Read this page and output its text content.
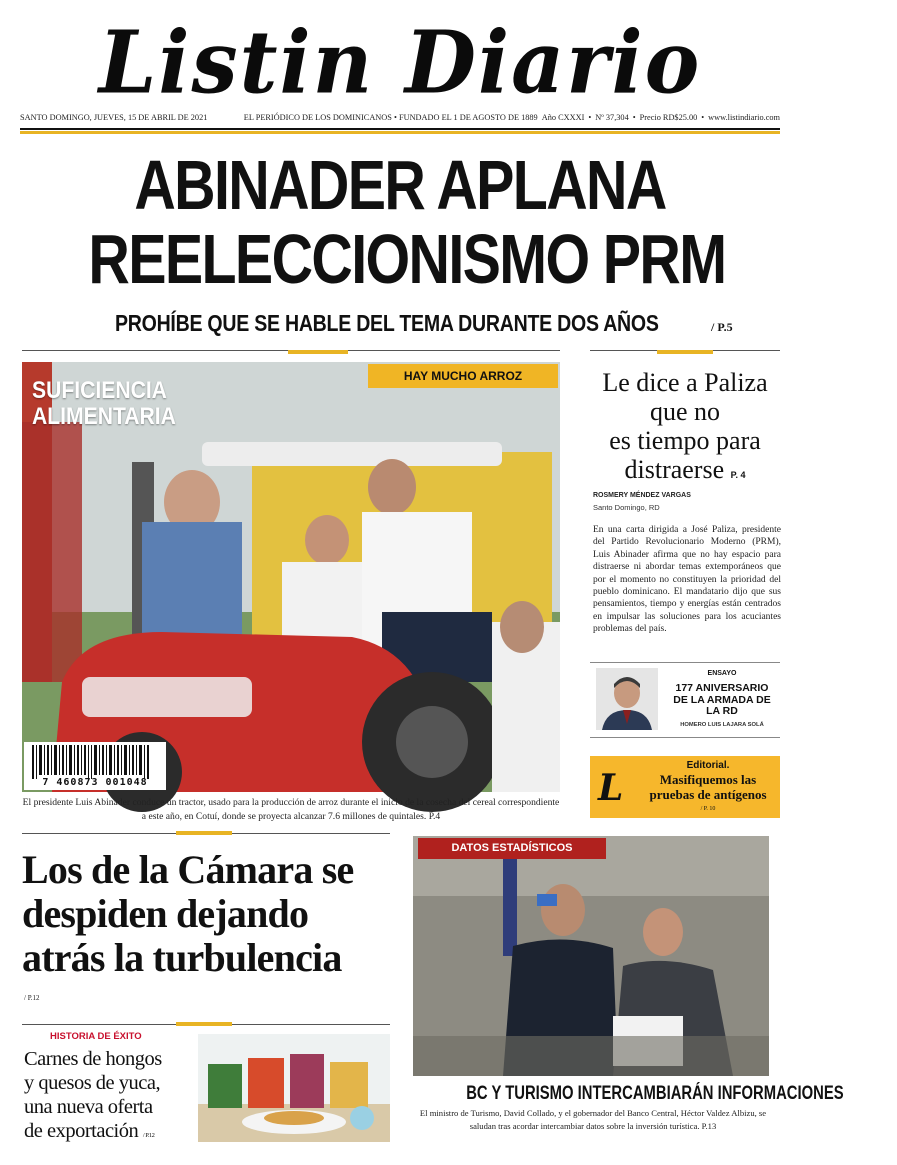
Listin Diario
SANTO DOMINGO, JUEVES, 15 DE ABRIL DE 2021	EL PERIÓDICO DE LOS DOMINICANOS • FUNDADO EL 1 DE AGOSTO DE 1889 Año CXXXI • Nº 37,304 • Precio RD$25.00 • www.listindiario.com
ABINADER APLANA
REELECCIONISMO PRM
PROHÍBE QUE SE HABLE DEL TEMA DURANTE DOS AÑOS	/ P.5
SUFICIENCIA
ALIMENTARIA
HAY MUCHO ARROZ
7 460873 001048
El presidente Luis Abinader conduce un tractor, usado para la producción de arroz durante el inicio de la cosecha del cereal correspondiente a este año, en Cotuí, donde se proyecta alcanzar 7.6 millones de quintales. P.4
Le dice a Paliza
que no
es tiempo para
distraerse P. 4
ROSMERY MÉNDEZ VARGAS
Santo Domingo, RD
En una carta dirigida a José Paliza, presidente del Partido Revolucionario Moderno (PRM), Luis Abinader afirma que no hay espacio para distraerse ni abordar temas extemporáneos que por el momento no constituyen la prioridad del pueblo dominicano. El mandatario dijo que sus pensamientos, tiempo y energías están centrados en impulsar las soluciones para los acuciantes problemas del país.
ENSAYO
177 ANIVERSARIO
DE LA ARMADA DE
LA RD
HOMERO LUIS LAJARA SOLÁ
L
Editorial.
Masifiquemos las
pruebas de antígenos
/ P. 10
Los de la Cámara se
despiden dejando
atrás la turbulencia
/ P.12
HISTORIA DE ÉXITO
Carnes de hongos
y quesos de yuca,
una nueva oferta
de exportación / P.12
DATOS ESTADÍSTICOS
BC Y TURISMO INTERCAMBIARÁN INFORMACIONES
El ministro de Turismo, David Collado, y el gobernador del Banco Central, Héctor Valdez Albizu, se saludan tras acordar intercambiar datos sobre la inversión turística. P.13
